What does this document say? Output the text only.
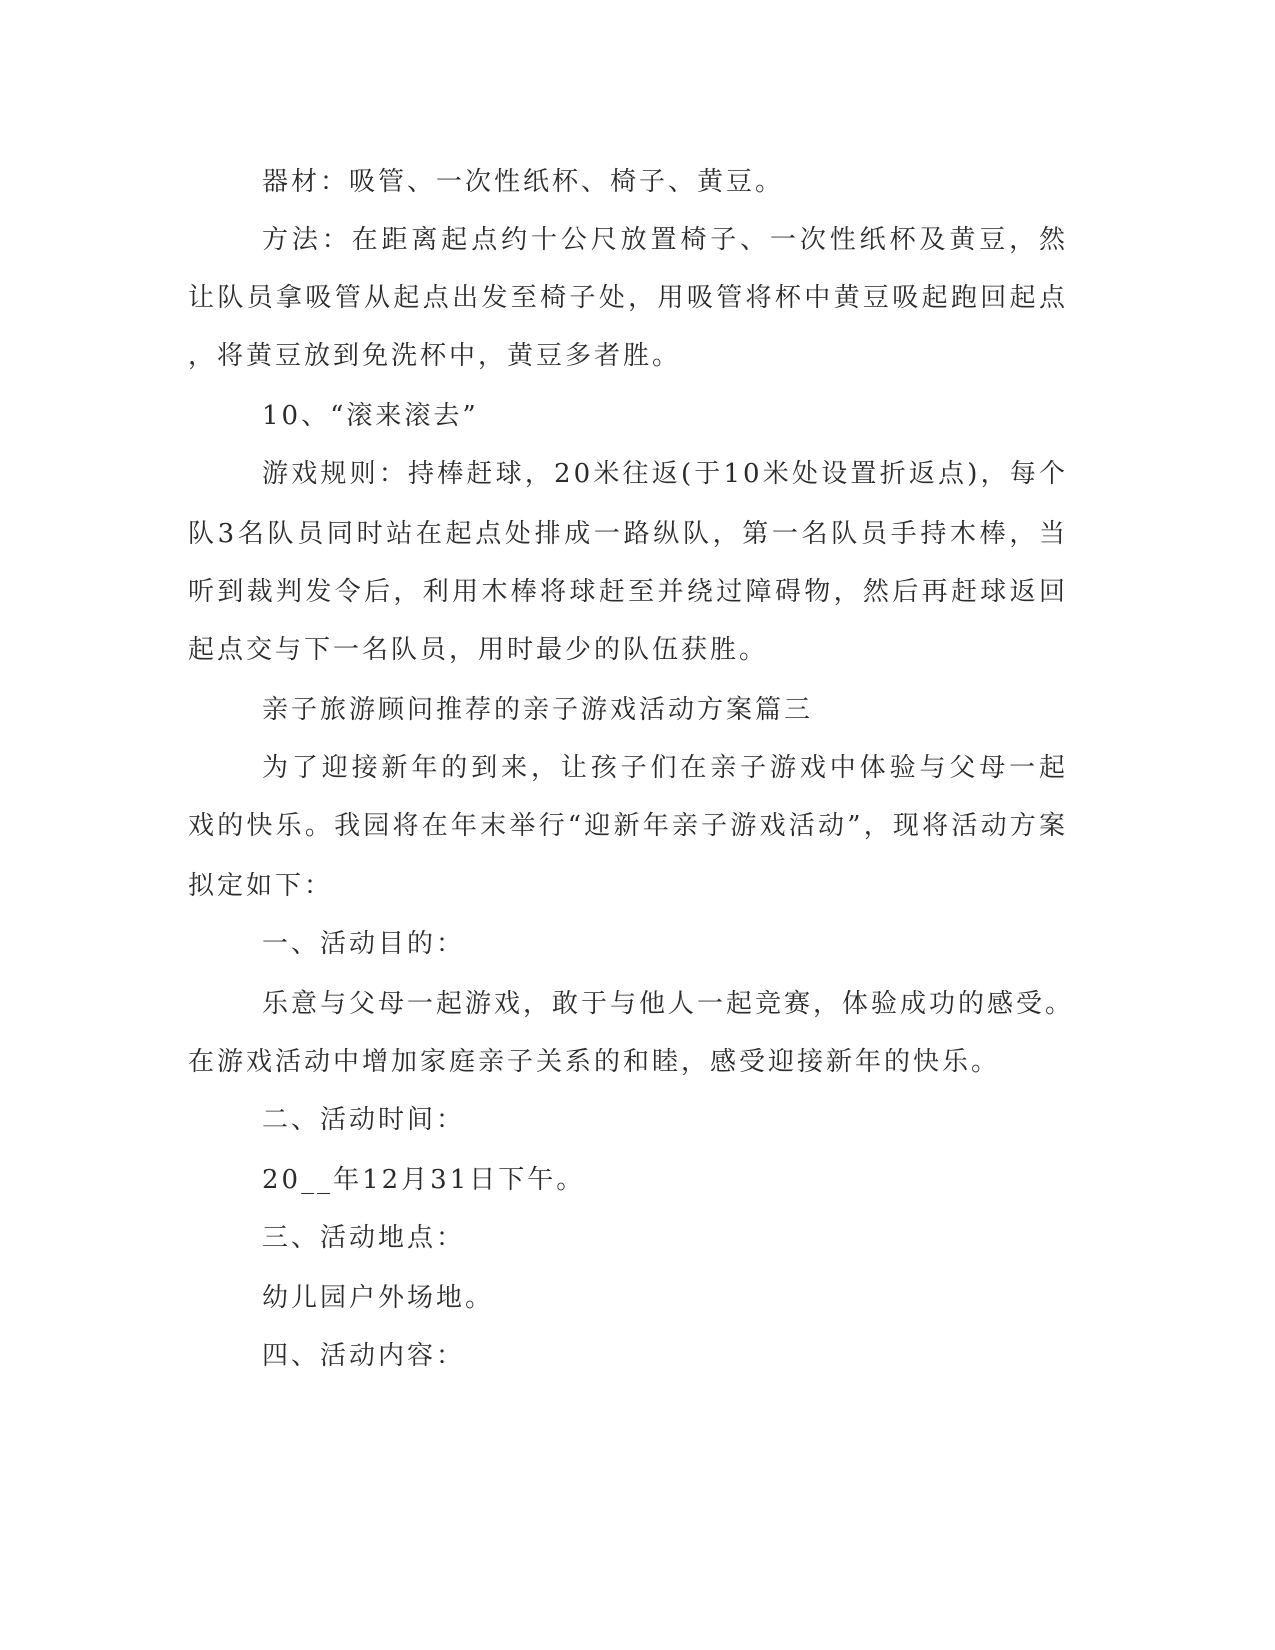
器材：吸管、一次性纸杯、椅子、黄豆。
方法：在距离起点约十公尺放置椅子、一次性纸杯及黄豆，然
让队员拿吸管从起点出发至椅子处，用吸管将杯中黄豆吸起跑回起点
，将黄豆放到免洗杯中，黄豆多者胜。
10、“滚来滚去”
游戏规则：持棒赶球，20米往返(于10米处设置折返点)，每个
队3名队员同时站在起点处排成一路纵队，第一名队员手持木棒，当
听到裁判发令后，利用木棒将球赶至并绕过障碍物，然后再赶球返回
起点交与下一名队员，用时最少的队伍获胜。
亲子旅游顾问推荐的亲子游戏活动方案篇三
为了迎接新年的到来，让孩子们在亲子游戏中体验与父母一起
戏的快乐。我园将在年末举行“迎新年亲子游戏活动”，现将活动方案
拟定如下：
一、活动目的：
乐意与父母一起游戏，敢于与他人一起竞赛，体验成功的感受。
在游戏活动中增加家庭亲子关系的和睦，感受迎接新年的快乐。
二、活动时间：
20__年12月31日下午。
三、活动地点：
幼儿园户外场地。
四、活动内容：
